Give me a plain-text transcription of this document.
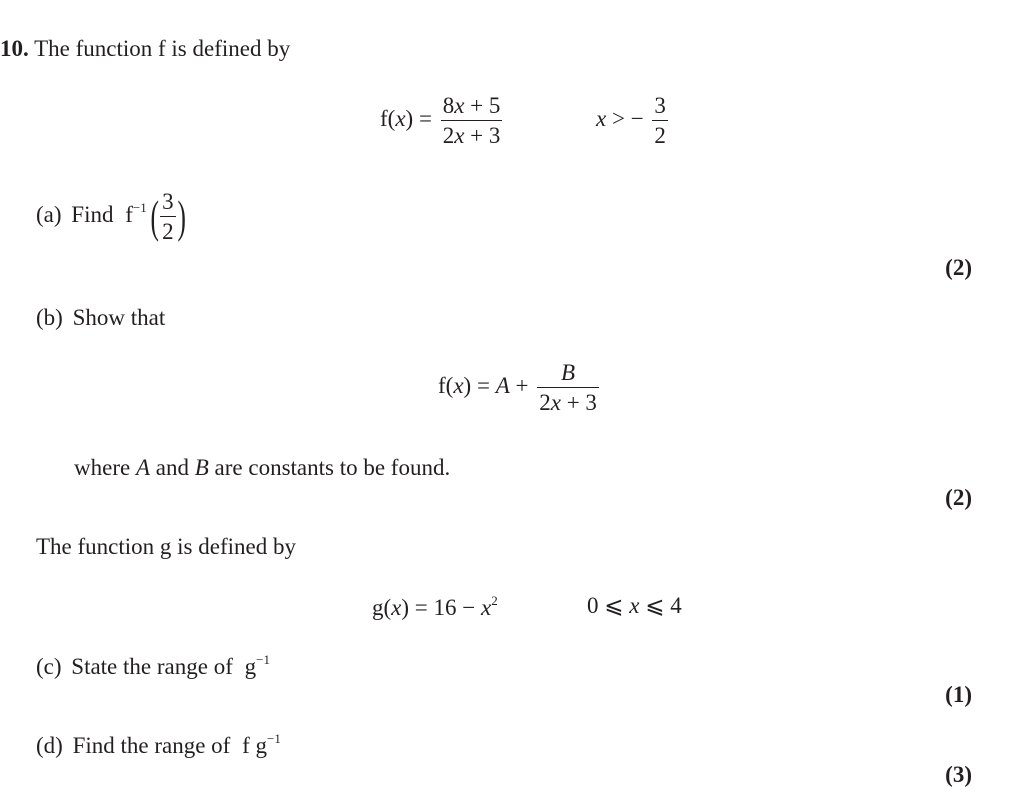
10. The function f is defined by
$f(x) = \frac{8x + 5}{2x + 3}$	x > − $\frac{3}{2}$
(a) Find $f^{-1}( \frac{3}{2}$ )
(2)
(b) Show that
$f(x) = A + \frac{B}{2x + 3}$
where A and B are constants to be found.
(2)
The function g is defined by
$g(x) = 16 - x^2$	0 ⩽ x ⩽ 4
(c) State the range of $g^{-1}$
(1)
(d) Find the range of f $g^{-1}$
(3)
